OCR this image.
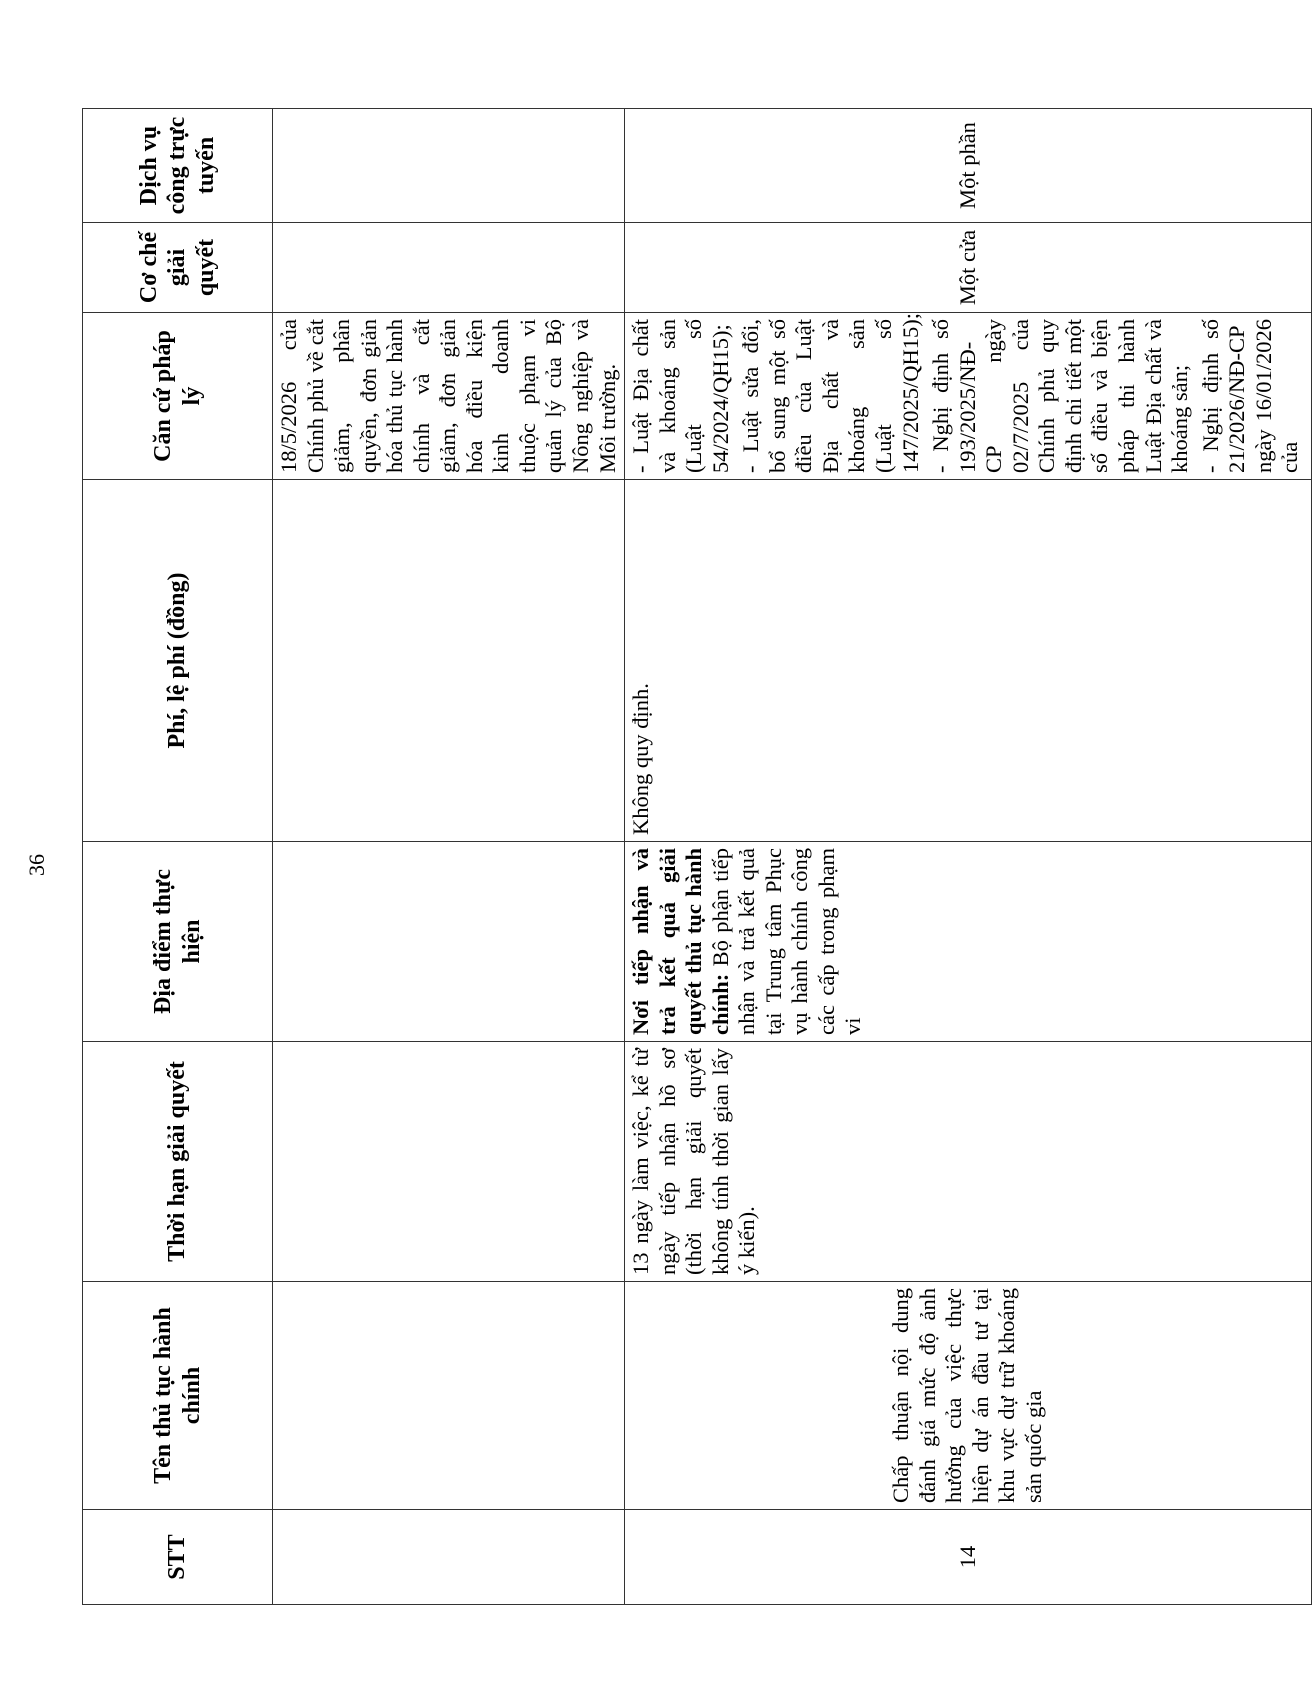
36
STT	Tên thủ tục hành chính	Thời hạn giải quyết	Địa điểm thực hiện	Phí, lệ phí (đồng)	Căn cứ pháp lý	Cơ chế giải quyết	Dịch vụ công trực tuyến
					18/5/2026 của Chính phủ về cắt giảm, phân quyền, đơn giản hóa thủ tục hành chính và cắt giảm, đơn giản hóa điều kiện kinh doanh thuộc phạm vi quản lý của Bộ Nông nghiệp và Môi trường.		
14	Chấp thuận nội dung đánh giá mức độ ảnh hưởng của việc thực hiện dự án đầu tư tại khu vực dự trữ khoáng sản quốc gia	13 ngày làm việc, kể từ ngày tiếp nhận hồ sơ (thời hạn giải quyết không tính thời gian lấy ý kiến).	Nơi tiếp nhận và trả kết quả giải quyết thủ tục hành chính: Bộ phận tiếp nhận và trả kết quả tại Trung tâm Phục vụ hành chính công các cấp trong phạm vi	Không quy định.	- Luật Địa chất và khoáng sản (Luật số 54/2024/QH15); - Luật sửa đổi, bổ sung một số điều của Luật Địa chất và khoáng sản (Luật số 147/2025/QH15); - Nghị định số 193/2025/NĐ-CP ngày 02/7/2025 của Chính phủ quy định chi tiết một số điều và biện pháp thi hành Luật Địa chất và khoáng sản; - Nghị định số 21/2026/NĐ-CP ngày 16/01/2026 của	Một cửa	Một phần
